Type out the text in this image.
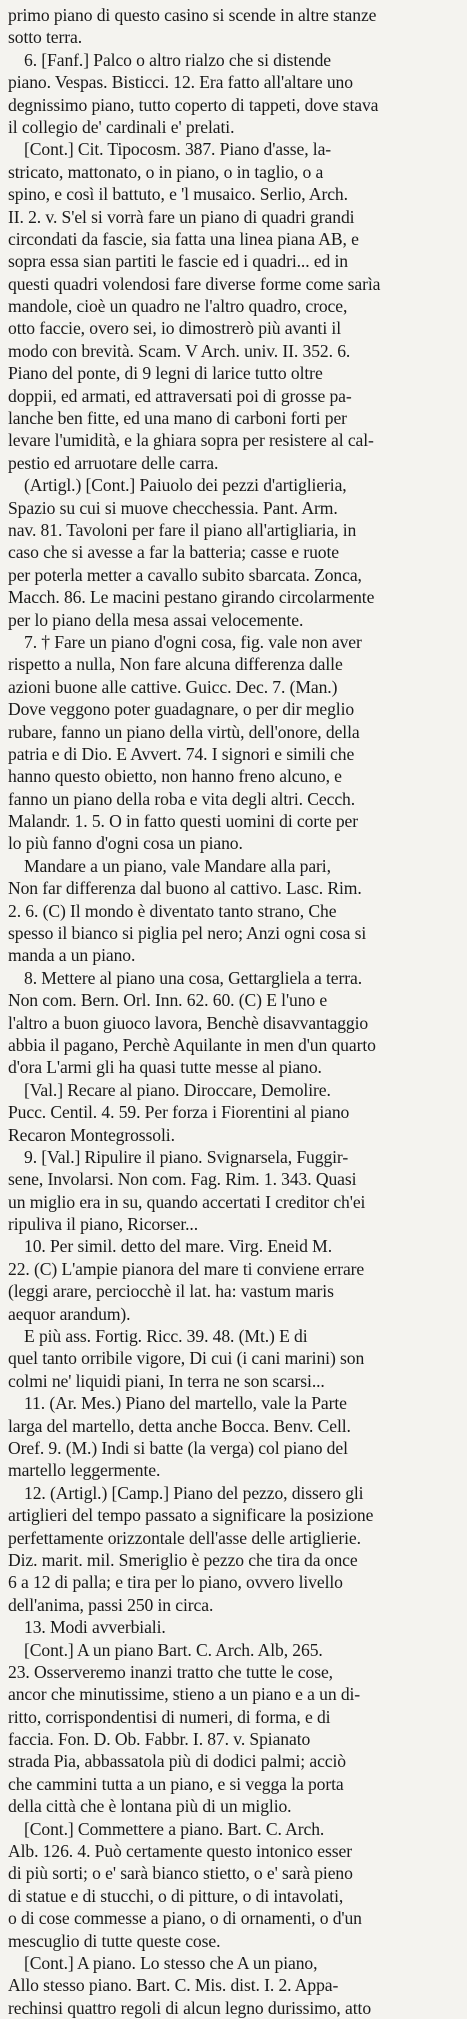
primo piano di questo casino si scende in altre stanze
sotto terra.
6. [Fanf.] Palco o altro rialzo che si distende
piano. Vespas. Bisticci. 12. Era fatto all'altare uno
degnissimo piano, tutto coperto di tappeti, dove stava
il collegio de' cardinali e' prelati.
[Cont.] Cit. Tipocosm. 387. Piano d'asse, la-
stricato, mattonato, o in piano, o in taglio, o a
spino, e così il battuto, e 'l musaico. Serlio, Arch.
II. 2. v. S'el si vorrà fare un piano di quadri grandi
circondati da fascie, sia fatta una linea piana AB, e
sopra essa sian partiti le fascie ed i quadri... ed in
questi quadri volendosi fare diverse forme come sarìa
mandole, cioè un quadro ne l'altro quadro, croce,
otto faccie, overo sei, io dimostrerò più avanti il
modo con brevità. Scam. V Arch. univ. II. 352. 6.
Piano del ponte, di 9 legni di larice tutto oltre
doppii, ed armati, ed attraversati poi di grosse pa-
lanche ben fitte, ed una mano di carboni forti per
levare l'umidità, e la ghiara sopra per resistere al cal-
pestio ed arruotare delle carra.
(Artigl.) [Cont.] Paiuolo dei pezzi d'artiglieria,
Spazio su cui si muove checchessia. Pant. Arm.
nav. 81. Tavoloni per fare il piano all'artigliaria, in
caso che si avesse a far la batteria; casse e ruote
per poterla metter a cavallo subito sbarcata. Zonca,
Macch. 86. Le macini pestano girando circolarmente
per lo piano della mesa assai velocemente.
7. † Fare un piano d'ogni cosa, fig. vale non aver
rispetto a nulla, Non fare alcuna differenza dalle
azioni buone alle cattive. Guicc. Dec. 7. (Man.)
Dove veggono poter guadagnare, o per dir meglio
rubare, fanno un piano della virtù, dell'onore, della
patria e di Dio. E Avvert. 74. I signori e simili che
hanno questo obietto, non hanno freno alcuno, e
fanno un piano della roba e vita degli altri. Cecch.
Malandr. 1. 5. O in fatto questi uomini di corte per
lo più fanno d'ogni cosa un piano.
Mandare a un piano, vale Mandare alla pari,
Non far differenza dal buono al cattivo. Lasc. Rim.
2. 6. (C) Il mondo è diventato tanto strano, Che
spesso il bianco si piglia pel nero; Anzi ogni cosa si
manda a un piano.
8. Mettere al piano una cosa, Gettargliela a terra.
Non com. Bern. Orl. Inn. 62. 60. (C) E l'uno e
l'altro a buon giuoco lavora, Benchè disavvantaggio
abbia il pagano, Perchè Aquilante in men d'un quarto
d'ora L'armi gli ha quasi tutte messe al piano.
[Val.] Recare al piano. Diroccare, Demolire.
Pucc. Centil. 4. 59. Per forza i Fiorentini al piano
Recaron Montegrossoli.
9. [Val.] Ripulire il piano. Svignarsela, Fuggir-
sene, Involarsi. Non com. Fag. Rim. 1. 343. Quasi
un miglio era in su, quando accertati I creditor ch'ei
ripuliva il piano, Ricorser...
10. Per simil. detto del mare. Virg. Eneid M.
22. (C) L'ampie pianora del mare ti conviene errare
(leggi arare, perciocchè il lat. ha: vastum maris
aequor arandum).
E più ass. Fortig. Ricc. 39. 48. (Mt.) E di
quel tanto orribile vigore, Di cui (i cani marini) son
colmi ne' liquidi piani, In terra ne son scarsi...
11. (Ar. Mes.) Piano del martello, vale la Parte
larga del martello, detta anche Bocca. Benv. Cell.
Oref. 9. (M.) Indi si batte (la verga) col piano del
martello leggermente.
12. (Artigl.) [Camp.] Piano del pezzo, dissero gli
artiglieri del tempo passato a significare la posizione
perfettamente orizzontale dell'asse delle artiglierie.
Diz. marit. mil. Smeriglio è pezzo che tira da once
6 a 12 di palla; e tira per lo piano, ovvero livello
dell'anima, passi 250 in circa.
13. Modi avverbiali.
[Cont.] A un piano Bart. C. Arch. Alb, 265.
23. Osserveremo inanzi tratto che tutte le cose,
ancor che minutissime, stieno a un piano e a un di-
ritto, corrispondentisi di numeri, di forma, e di
faccia. Fon. D. Ob. Fabbr. I. 87. v. Spianato
strada Pia, abbassatola più di dodici palmi; acciò
che cammini tutta a un piano, e si vegga la porta
della città che è lontana più di un miglio.
[Cont.] Commettere a piano. Bart. C. Arch.
Alb. 126. 4. Può certamente questo intonico esser
di più sorti; o e' sarà bianco stietto, o e' sarà pieno
di statue e di stucchi, o di pitture, o di intavolati,
o di cose commesse a piano, o di ornamenti, o d'un
mescuglio di tutte queste cose.
[Cont.] A piano. Lo stesso che A un piano,
Allo stesso piano. Bart. C. Mis. dist. I. 2. Appa-
rechinsi quattro regoli di alcun legno durissimo, atto
